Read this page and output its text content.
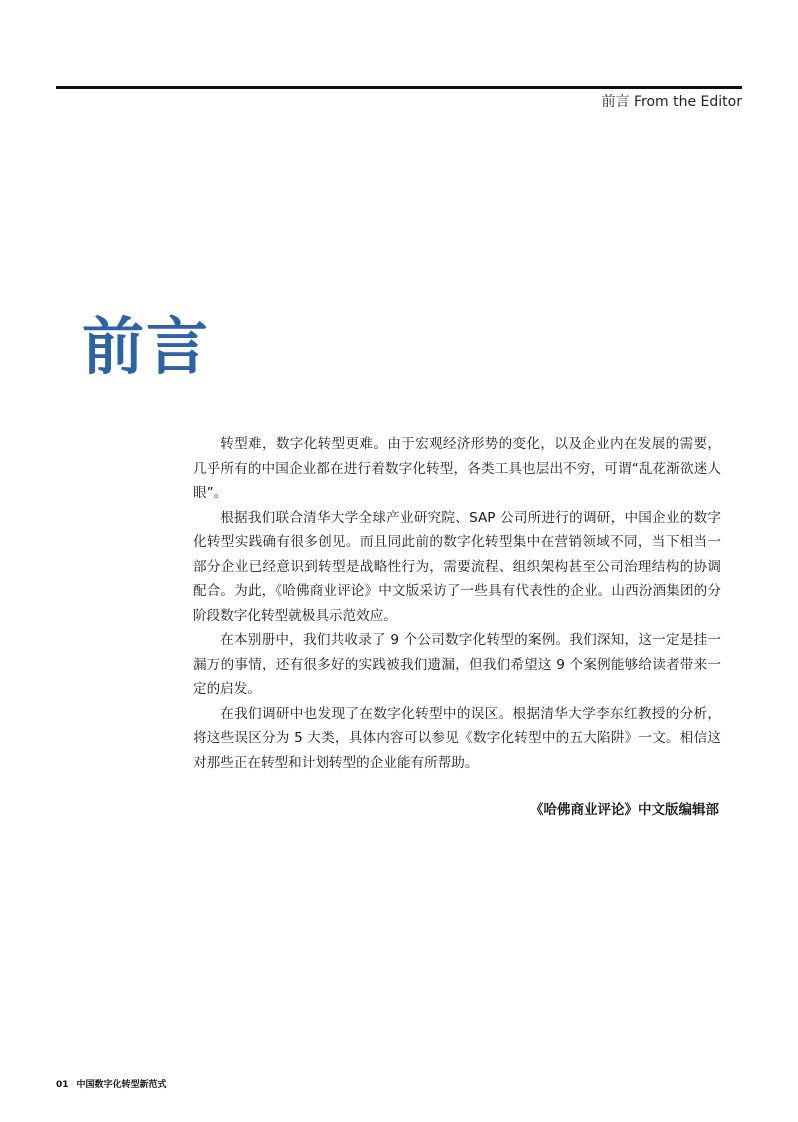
前言 From the Editor
前言

转型难，数字化转型更难。由于宏观经济形势的变化，以及企业内在发展的需要，几乎所有的中国企业都在进行着数字化转型，各类工具也层出不穷，可谓“乱花渐欲迷人眼”。

根据我们联合清华大学全球产业研究院、SAP 公司所进行的调研，中国企业的数字化转型实践确有很多创见。而且同此前的数字化转型集中在营销领域不同，当下相当一部分企业已经意识到转型是战略性行为，需要流程、组织架构甚至公司治理结构的协调配合。为此，《哈佛商业评论》中文版采访了一些具有代表性的企业。山西汾酒集团的分阶段数字化转型就极具示范效应。

在本别册中，我们共收录了 9 个公司数字化转型的案例。我们深知，这一定是挂一漏万的事情，还有很多好的实践被我们遗漏，但我们希望这 9 个案例能够给读者带来一定的启发。

在我们调研中也发现了在数字化转型中的误区。根据清华大学李东红教授的分析，将这些误区分为 5 大类，具体内容可以参见《数字化转型中的五大陷阱》一文。相信这对那些正在转型和计划转型的企业能有所帮助。

《哈佛商业评论》中文版编辑部
01 中国数字化转型新范式
